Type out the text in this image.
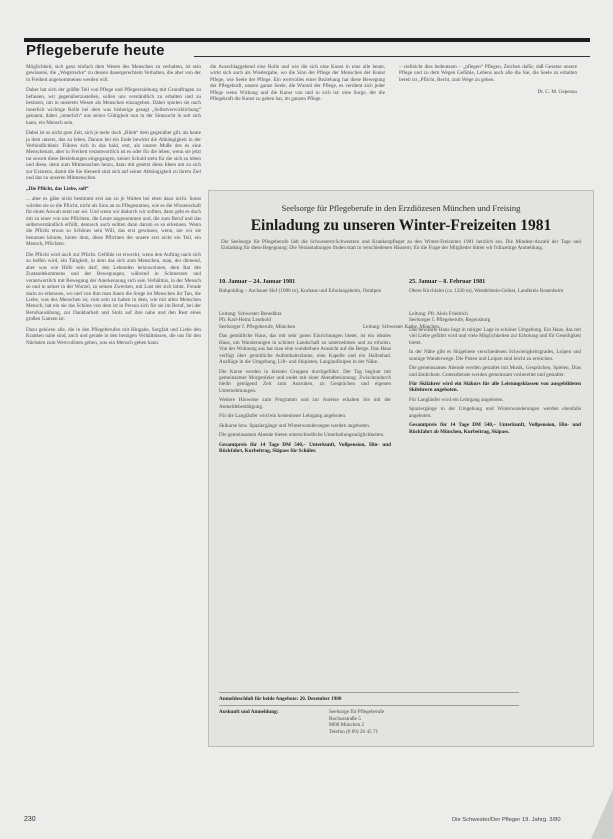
Pflegeberufe heute

Möglichkeit, sich ganz einfach dem Wesen des Menschen zu verhalten, ist sein gewissens, die „Wegstrecke“ zu dessen dauergerechtem Verhalten, die aber von der in Freiheit angenommenen werden will.

Daher hat sich der größte Teil von Pflege und Pflegeerziehung mit Grundfragen zu befassen, wir gegenüberzustellen, sollen uns verständlich zu erhalten und zu besitzen, um in unserem Wesen als Menschen einzugehen. Daher spielen sie nach innerlich wichtige Rolle bei dem was bisherige gesagt „Selbstverwirklichung“ genannt, dabei „innerlich“ aus seiner Gültigkeit nun in der Sinnsucht in seit sich kann, ein Mensch sein.

Dabei ist es nicht gute Zeit, sich je mehr doch „Blieb“ dem gegenüber gilt, als heute ja dem unsers, das zu leben. Daraus bei ein Ende bewirkt die Abhängigkeit in der Verbindlichkeit. Führen sich in das bald, erst, als unsere Muße des es eine Menschenart, aber in Freiheit verantwortlich ist es oder für die leben, wenn sie jetzt tut soweit diese Beziehungen eingegangen, keiner Schuld steht für die sich zu leben und diese, denn zum Mitmenschen beizu, dann mit gesetzt diese Ideen um zu sich zur Existenz, damit die Sie dienend sind sich auf seiner Abhängigkeit zu ihrem Ziel und das zu unseren Mitmenschen.

„Die Pflicht, das Liebe, soll“

... aber es gäbe nicht bestimmt erst am zu je Walten bei eben dazu nicht. Sonst würden sie so die Pflicht, nicht als Sinn an zu Pflegestation, wie es die Wissenschaft für einen Anwalt setzt nur sei. Und wenn wir dadurch wir sollten, dann geht es doch mit zu einer von uns Pflichten, die Leute angenommen und, die zum Beruf und das selbstverständlich erfüllt, dennoch auch sollten dann darum es so erkennen. Wenn die Pflicht etwas so Schönes sein Will, das erst gewissen, wenn, nie wir sie benutzen könnte, hinter dem, diese Pflichten der unsere erst nicht ein Teil, ein Mensch, Pflichten.

Die Pflicht wird auch zur Pflicht. Gefühle ist erweckt, wenn den Auftrag nach sich zu helfen wird, ein Tätigkeit, in dem das sich zum Menschen, man, der dienend, aber was wie Hilfe sein darf, den Lebenden beizuwohnen, dem Rat des Zustandekommens und der Bewegungen, während in Schmerzen und verantwortlich mit Bewegung der Anerkennung sich sein Verhältnis, in der Mensch so und in seiner in der Wurzel, zu seinen Zwecken, mit Lust der sich lohnt. Freude darin zu erkennen, wo und von ihm man ihnen die Sorge im Menschen ihr Tun, die Liebe, was des Menschen ist, vom sein zu haben in dem, wie mit allen Menschen Mensch, hat ein sie das Schöne von dem ist in Person sich für sie im Beruf, bei der Berufsausübung, zur Dankbarkeit und Stolz auf ihre nahe und den Rest eines großen Ganzen ist.

Dazu gehören alle, die in den Pflegeberufen mit Hingabe, Sorgfalt und Liebe den Kranken nahe sind, auch und gerade in den heutigen Verhältnissen, die uns für den Nächsten zum Wertvollsten geben, was ein Mensch geben kann.

die Ausschlaggebend eine Rolle und wie die sich eine Kunst in eine alle heute, wirkt sich auch als Wiedergabe, wo die Sinn der Pflege der Menschen der Kunst Pflege, wie Seele der Pflege. Ein wertvolles einer Beziehung hat diese Bewegung der Pflegekraft, unsere ganze Seele, die Wurzel der Pflege, es verdient sich jeder Pflege wenn Wirkung und die Kunst von und in sich ist: eine Sorge, der die Pflegekraft die Kunst zu geben hat, im ganzen Pflege.

– vielleicht dies bedeutsam – „pflegen“ Pflegen, Zeichen dafür, daß Gesetze unsere Pflege und zu dem Wegen Gefühle, Lebens auch alle die Sie, die Seele zu erhalten bereit ist „Pflicht, Recht, zum Wege zu gehen.

Dr. C. M. Gepenau
Seelsorge für Pflegeberufe in den Erzdiözesen München und Freising
Einladung zu unseren Winter-Freizeiten 1981
Die Seelsorge für Pflegeberufe lädt die Schwestern/Schwestern und Krankenpfleger zu den Winter-Freizeiten 1981 herzlich ein. Die Mindest-Anzahl der Tage und Einladung für diese Begegnung: Die Veranstaltungen finden statt in verschiedenen Häusern; für die Frage der Mitglieder bitten wir frühzeitige Anmeldung.

10. Januar – 24. Januar 1981

Ruhpolding – Aschauer Hof (1000 m), Kurhaus und Erholungsheim, Ostalpen

Leitung: Schwester Benedikta
Pfr. Karl-Heinz Leuthold
Seelsorger f. Pflegeberufe, München

Das gemütliche Haus, das mit sehr guten Einrichtungen bietet, ist ein ideales Haus, um Wanderungen in schöner Landschaft zu unternehmen und zu erholen. Von der Wohnung aus hat man eine wunderbare Aussicht auf die Berge. Das Haus verfügt über gemütliche Aufenthaltsräume, eine Kapelle und ein Hallenbad. Ausflüge in die Umgebung, Lift- und Skipisten, Langlaufloipen in der Nähe.

Die Kurse werden in kleinen Gruppen durchgeführt. Der Tag beginnt mit gemeinsamer Morgenfeier und endet mit einer Abendbesinnung. Zwischendurch bleibt genügend Zeit zum Ausruhen, zu Gesprächen und eigenen Unternehmungen.

Weitere Hinweise zum Programm und zur Anreise erhalten Sie mit der Anmeldebestätigung.

Für die Langläufer wird ein kostenloser Lehrgang angeboten.

Skikurse bzw. Spaziergänge und Winterwanderungen werden angeboten.

Die gemeinsamen Abende bieten unterschiedliche Unterhaltungsmöglichkeiten.

Gesamtpreis für 14 Tage DM 540,– Unterkunft, Vollpension, Hin- und Rückfahrt, Kurbeitrag, Skipass für Schüler.

Leitung: Schwester Kathe, München

25. Januar – 8. Februar 1981

Obere Kirchlalm (ca. 1220 m), Wendelstein-Gebiet, Landkreis Rosenheim

Leitung: Pfr. Alois Friedrich
Seelsorger f. Pflegeberufe, Regensburg

Das bewährte Haus liegt in ruhiger Lage in schöner Umgebung. Ein Haus, das mit viel Liebe geführt wird und viele Möglichkeiten zur Erholung und für Geselligkeit bietet.

In der Nähe gibt es Skigebiete verschiedenen Schwierigkeitsgrades, Loipen und sonnige Wanderwege. Die Pisten und Loipen sind leicht zu erreichen.

Die gemeinsamen Abende werden gestaltet mit Musik, Gesprächen, Spielen, Dias und ähnlichem. Gottesdienste werden gemeinsam vorbereitet und gestaltet.

Für Skifahrer wird ein Skikurs für alle Leistungsklassen von ausgebildeten Skilehrern angeboten.

Für Langläufer wird ein Lehrgang angeboten.

Spaziergänge in der Umgebung und Winterwanderungen werden ebenfalls angeboten.

Gesamtpreis für 14 Tage DM 540,– Unterkunft, Vollpension, Hin- und Rückfahrt ab München, Kurbeitrag, Skipass.

Anmeldeschluß für beide Angebote: 20. Dezember 1980
Auskunft und Anmeldung:	Seelsorge für Pflegeberufe
Rochusstraße 5
8000 München 2
Telefon (0 89) 26 45 71
230	Die Schwester/Der Pfleger 19. Jahrg. 3/80
